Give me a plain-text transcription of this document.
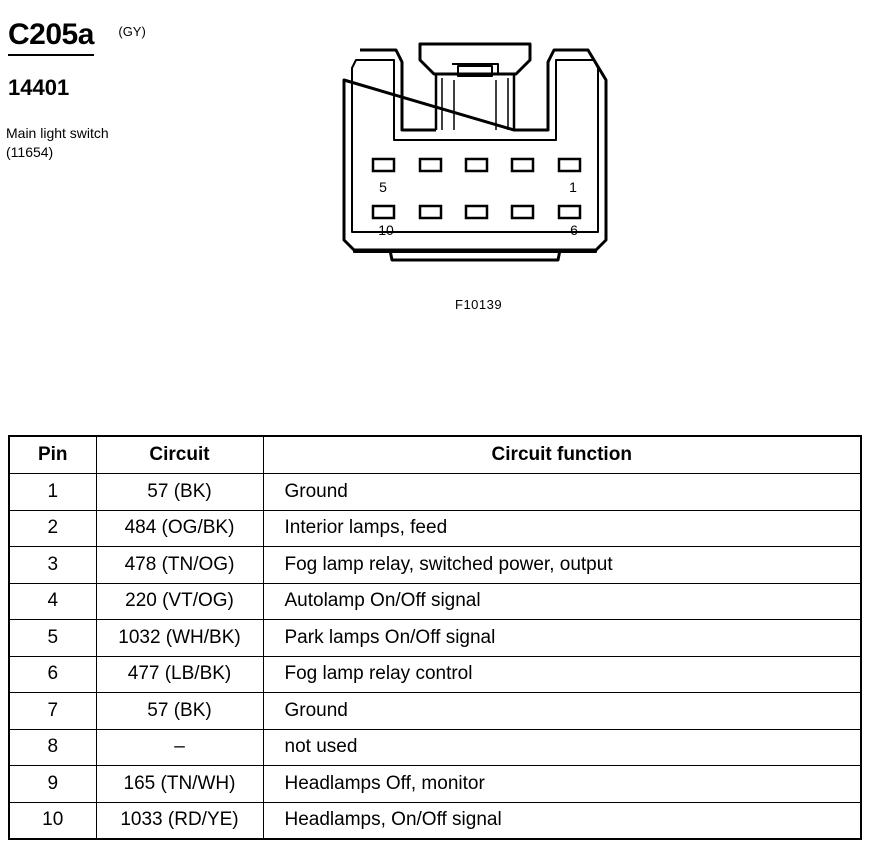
C205a $^{(GY)}$
14401
Main light switch
(11654)
5	1
10	6
F10139
Pin	Circuit	Circuit function
1	57 (BK)	Ground
2	484 (OG/BK)	Interior lamps, feed
3	478 (TN/OG)	Fog lamp relay, switched power, output
4	220 (VT/OG)	Autolamp On/Off signal
5	1032 (WH/BK)	Park lamps On/Off signal
6	477 (LB/BK)	Fog lamp relay control
7	57 (BK)	Ground
8	–	not used
9	165 (TN/WH)	Headlamps Off, monitor
10	1033 (RD/YE)	Headlamps, On/Off signal
